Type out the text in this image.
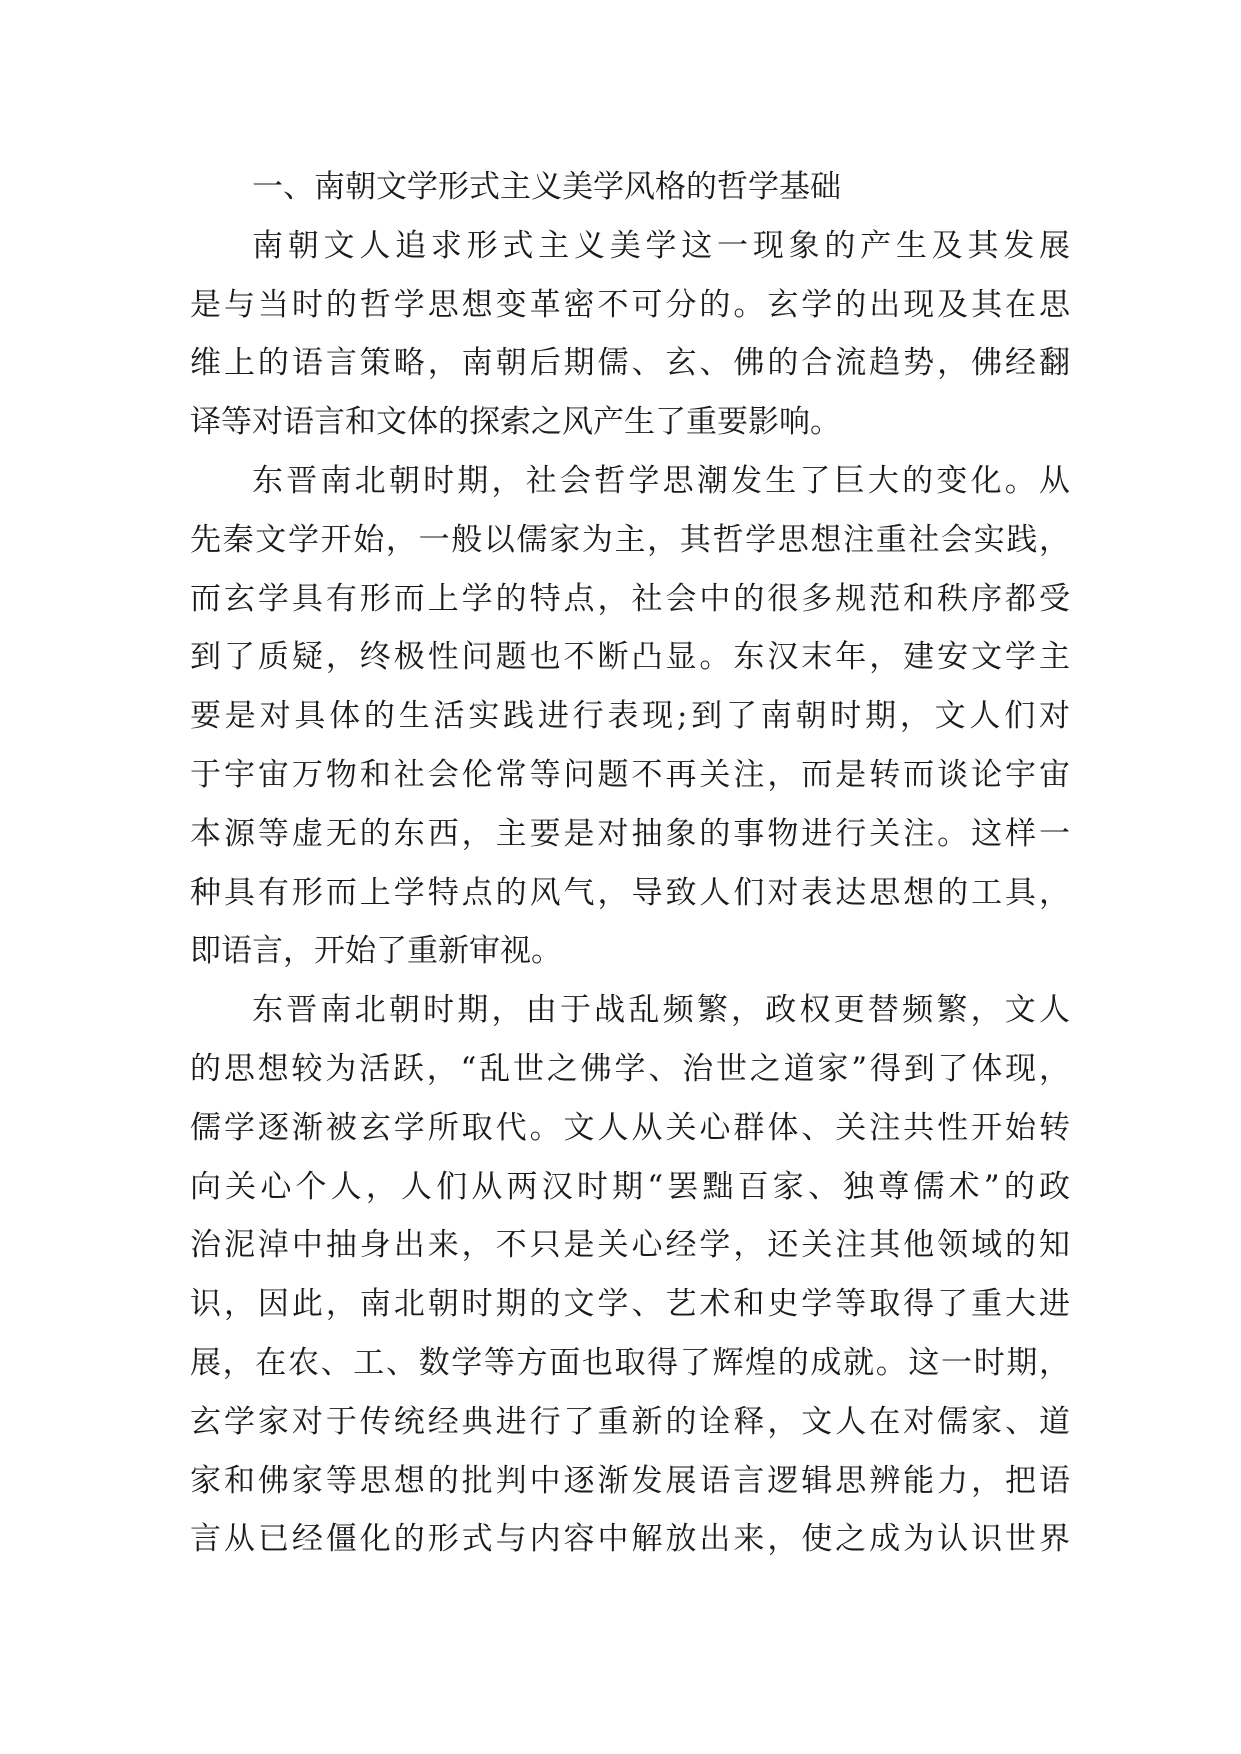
一、南朝文学形式主义美学风格的哲学基础
南朝文人追求形式主义美学这一现象的产生及其发展
是与当时的哲学思想变革密不可分的。玄学的出现及其在思
维上的语言策略，南朝后期儒、玄、佛的合流趋势，佛经翻
译等对语言和文体的探索之风产生了重要影响。
东晋南北朝时期，社会哲学思潮发生了巨大的变化。从
先秦文学开始，一般以儒家为主，其哲学思想注重社会实践，
而玄学具有形而上学的特点，社会中的很多规范和秩序都受
到了质疑，终极性问题也不断凸显。东汉末年，建安文学主
要是对具体的生活实践进行表现;到了南朝时期，文人们对
于宇宙万物和社会伦常等问题不再关注，而是转而谈论宇宙
本源等虚无的东西，主要是对抽象的事物进行关注。这样一
种具有形而上学特点的风气，导致人们对表达思想的工具，
即语言，开始了重新审视。
东晋南北朝时期，由于战乱频繁，政权更替频繁，文人
的思想较为活跃，“乱世之佛学、治世之道家”得到了体现，
儒学逐渐被玄学所取代。文人从关心群体、关注共性开始转
向关心个人，人们从两汉时期“罢黜百家、独尊儒术”的政
治泥淖中抽身出来，不只是关心经学，还关注其他领域的知
识，因此，南北朝时期的文学、艺术和史学等取得了重大进
展，在农、工、数学等方面也取得了辉煌的成就。这一时期，
玄学家对于传统经典进行了重新的诠释，文人在对儒家、道
家和佛家等思想的批判中逐渐发展语言逻辑思辨能力，把语
言从已经僵化的形式与内容中解放出来，使之成为认识世界
